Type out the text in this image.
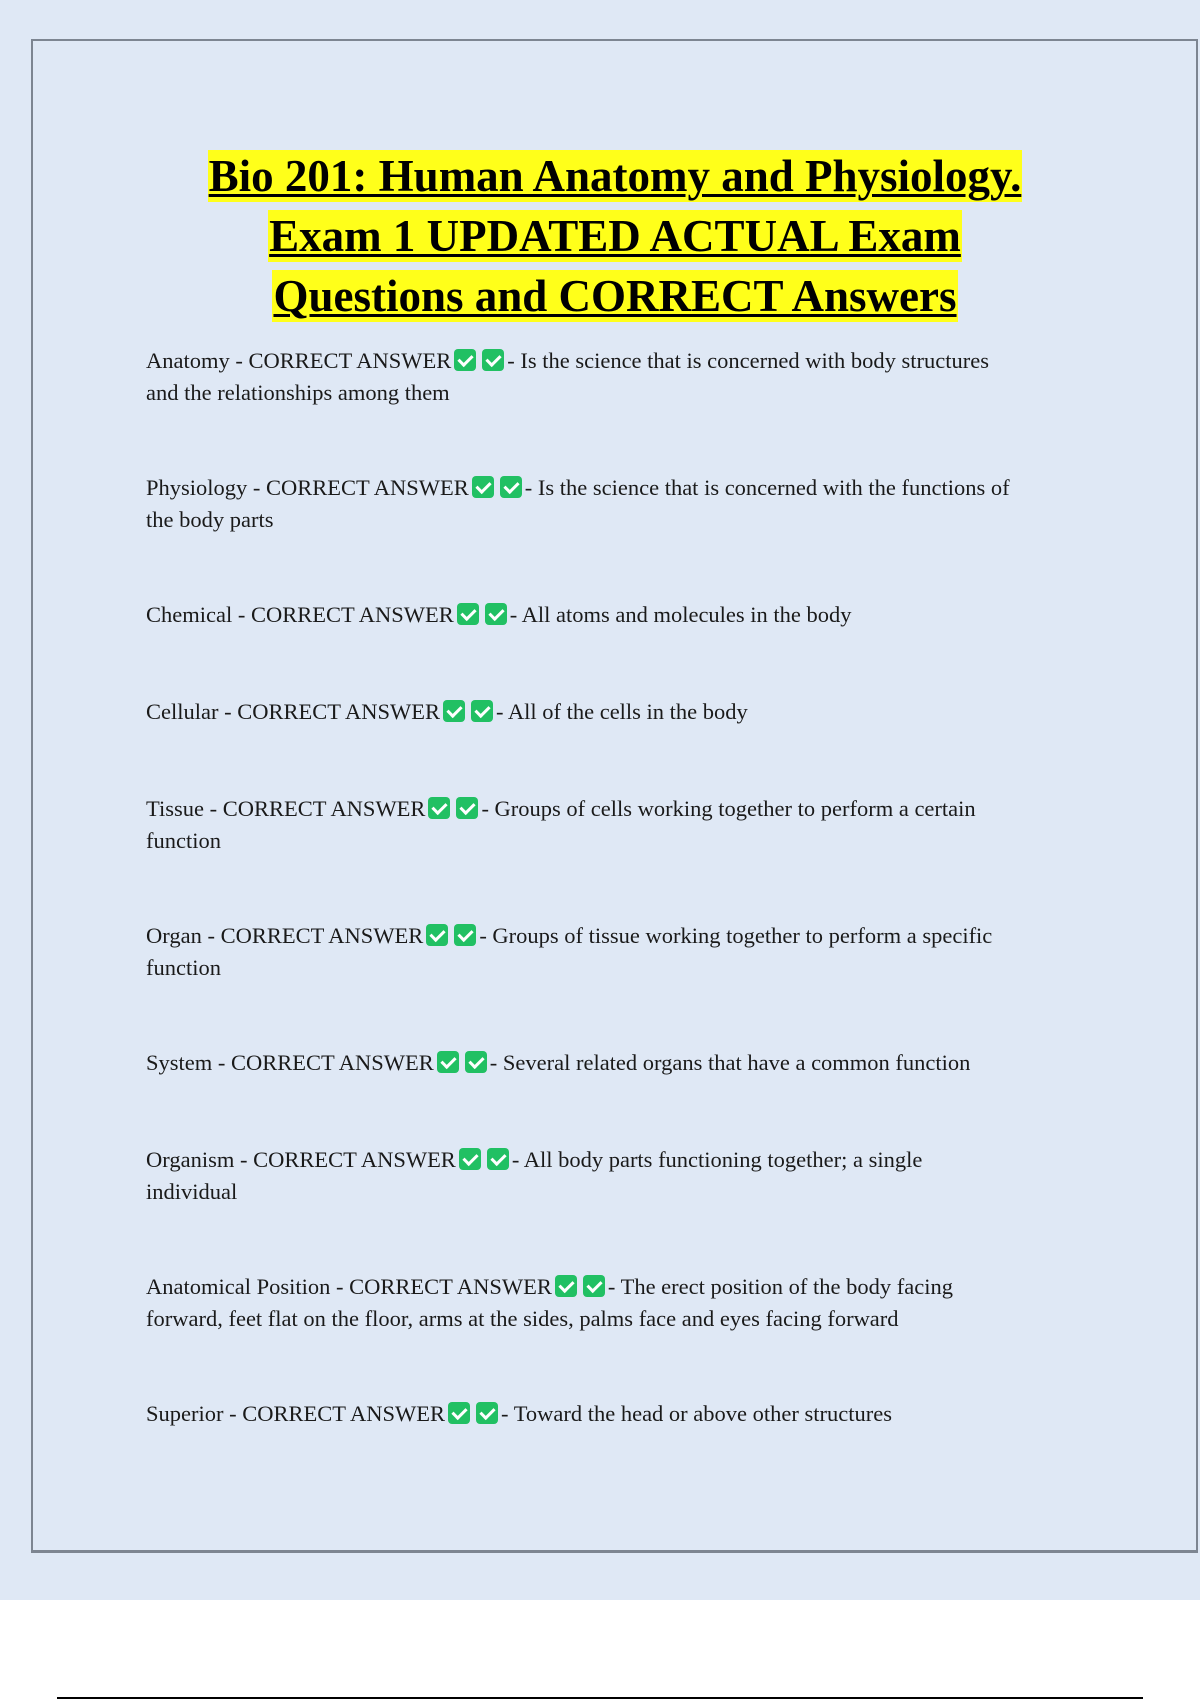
Bio 201: Human Anatomy and Physiology.
Exam 1 UPDATED ACTUAL Exam
Questions and CORRECT Answers
Anatomy - CORRECT ANSWER - Is the science that is concerned with body structures
and the relationships among them
Physiology - CORRECT ANSWER - Is the science that is concerned with the functions of
the body parts
Chemical - CORRECT ANSWER - All atoms and molecules in the body
Cellular - CORRECT ANSWER - All of the cells in the body
Tissue - CORRECT ANSWER - Groups of cells working together to perform a certain
function
Organ - CORRECT ANSWER - Groups of tissue working together to perform a specific
function
System - CORRECT ANSWER - Several related organs that have a common function
Organism - CORRECT ANSWER - All body parts functioning together; a single
individual
Anatomical Position - CORRECT ANSWER - The erect position of the body facing
forward, feet flat on the floor, arms at the sides, palms face and eyes facing forward
Superior - CORRECT ANSWER - Toward the head or above other structures
